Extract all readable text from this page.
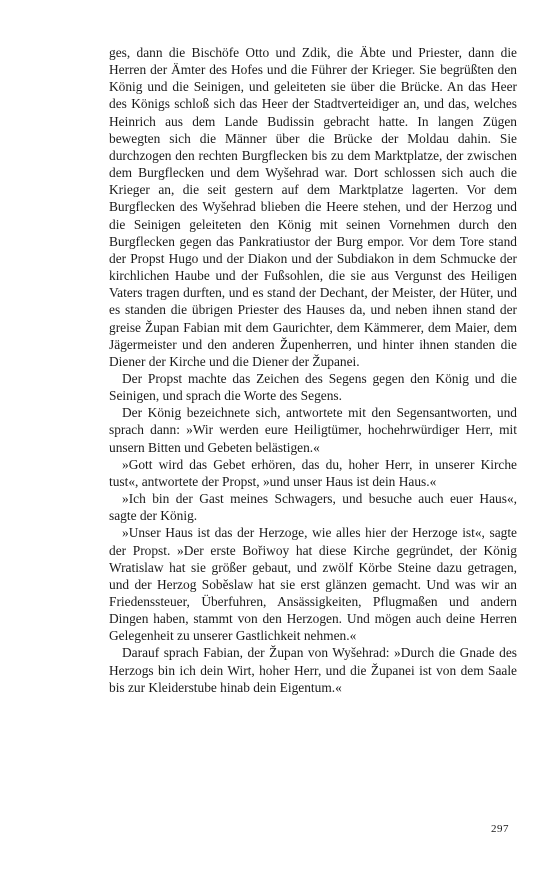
ges, dann die Bischöfe Otto und Zdik, die Äbte und Priester, dann die Herren der Ämter des Hofes und die Führer der Krieger. Sie begrüßten den König und die Seinigen, und geleiteten sie über die Brücke. An das Heer des Königs schloß sich das Heer der Stadtverteidiger an, und das, welches Heinrich aus dem Lande Budissin gebracht hatte. In langen Zügen bewegten sich die Männer über die Brücke der Moldau dahin. Sie durchzogen den rechten Burgflecken bis zu dem Marktplatze, der zwischen dem Burgflecken und dem Wyšehrad war. Dort schlossen sich auch die Krieger an, die seit gestern auf dem Marktplatze lagerten. Vor dem Burgflecken des Wyšehrad blieben die Heere stehen, und der Herzog und die Seinigen geleiteten den König mit seinen Vornehmen durch den Burgflecken gegen das Pankratiustor der Burg empor. Vor dem Tore stand der Propst Hugo und der Diakon und der Subdiakon in dem Schmucke der kirchlichen Haube und der Fußsohlen, die sie aus Vergunst des Heiligen Vaters tragen durften, und es stand der Dechant, der Meister, der Hüter, und es standen die übrigen Priester des Hauses da, und neben ihnen stand der greise Župan Fabian mit dem Gaurichter, dem Kämmerer, dem Maier, dem Jägermeister und den anderen Župenherren, und hinter ihnen standen die Diener der Kirche und die Diener der Županei.

Der Propst machte das Zeichen des Segens gegen den König und die Seinigen, und sprach die Worte des Segens.

Der König bezeichnete sich, antwortete mit den Segensantworten, und sprach dann: »Wir werden eure Heiligtümer, hochehrwürdiger Herr, mit unsern Bitten und Gebeten belästigen.«

»Gott wird das Gebet erhören, das du, hoher Herr, in unserer Kirche tust«, antwortete der Propst, »und unser Haus ist dein Haus.«

»Ich bin der Gast meines Schwagers, und besuche auch euer Haus«, sagte der König.

»Unser Haus ist das der Herzoge, wie alles hier der Herzoge ist«, sagte der Propst. »Der erste Bořiwoy hat diese Kirche gegründet, der König Wratislaw hat sie größer gebaut, und zwölf Körbe Steine dazu getragen, und der Herzog Soběslaw hat sie erst glänzen gemacht. Und was wir an Friedenssteuer, Überfuhren, Ansässigkeiten, Pflugmaßen und andern Dingen haben, stammt von den Herzogen. Und mögen auch deine Herren Gelegenheit zu unserer Gastlichkeit nehmen.«

Darauf sprach Fabian, der Župan von Wyšehrad: »Durch die Gnade des Herzogs bin ich dein Wirt, hoher Herr, und die Županei ist von dem Saale bis zur Kleiderstube hinab dein Eigentum.«

297
